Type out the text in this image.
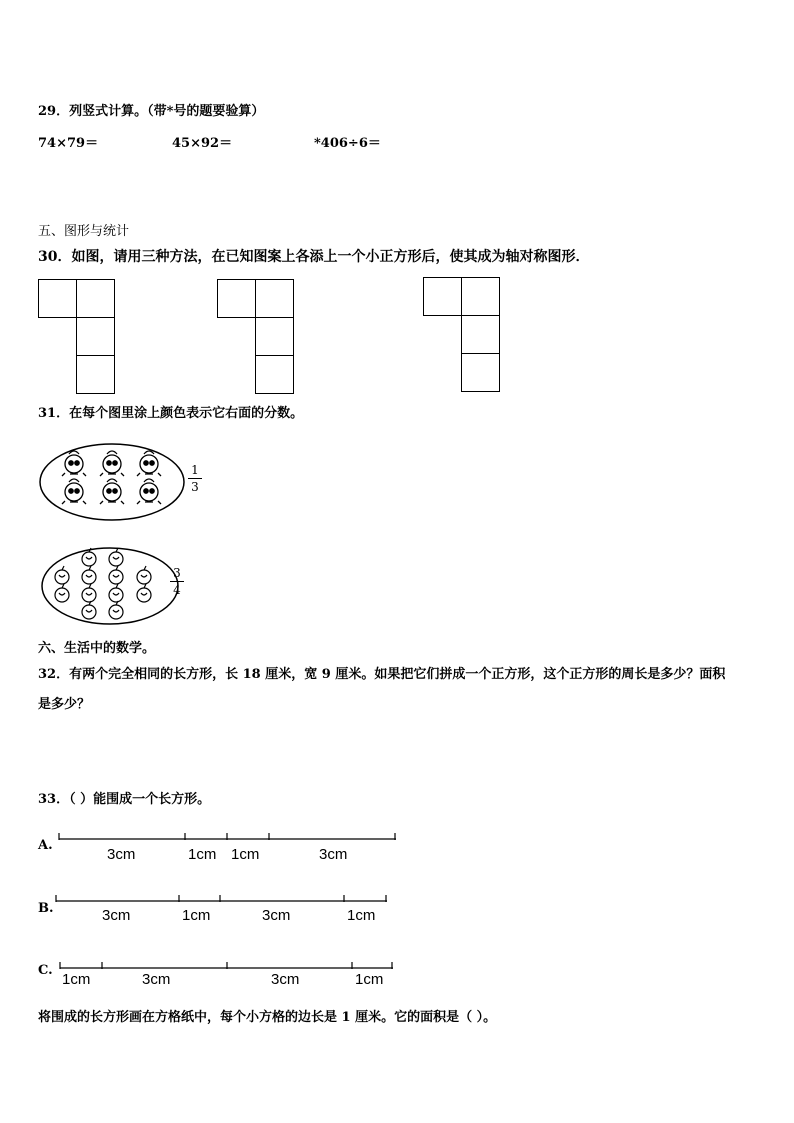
29．列竖式计算。（带*号的题要验算）
74×79＝	45×92＝	*406÷6＝
五、图形与统计
30．如图，请用三种方法，在已知图案上各添上一个小正方形后，使其成为轴对称图形．
31．在每个图里涂上颜色表示它右面的分数。
1
3
3
4
六、生活中的数学。
32．有两个完全相同的长方形，长 18 厘米，宽 9 厘米。如果把它们拼成一个正方形，这个正方形的周长是多少？面积
是多少？
33．（ ）能围成一个长方形。
A.
3cm	1cm 1cm	3cm
B.	3cm	1cm	3cm	1cm
C.
1cm	3cm	3cm	1cm
将围成的长方形画在方格纸中，每个小方格的边长是 1 厘米。它的面积是（ ）。
